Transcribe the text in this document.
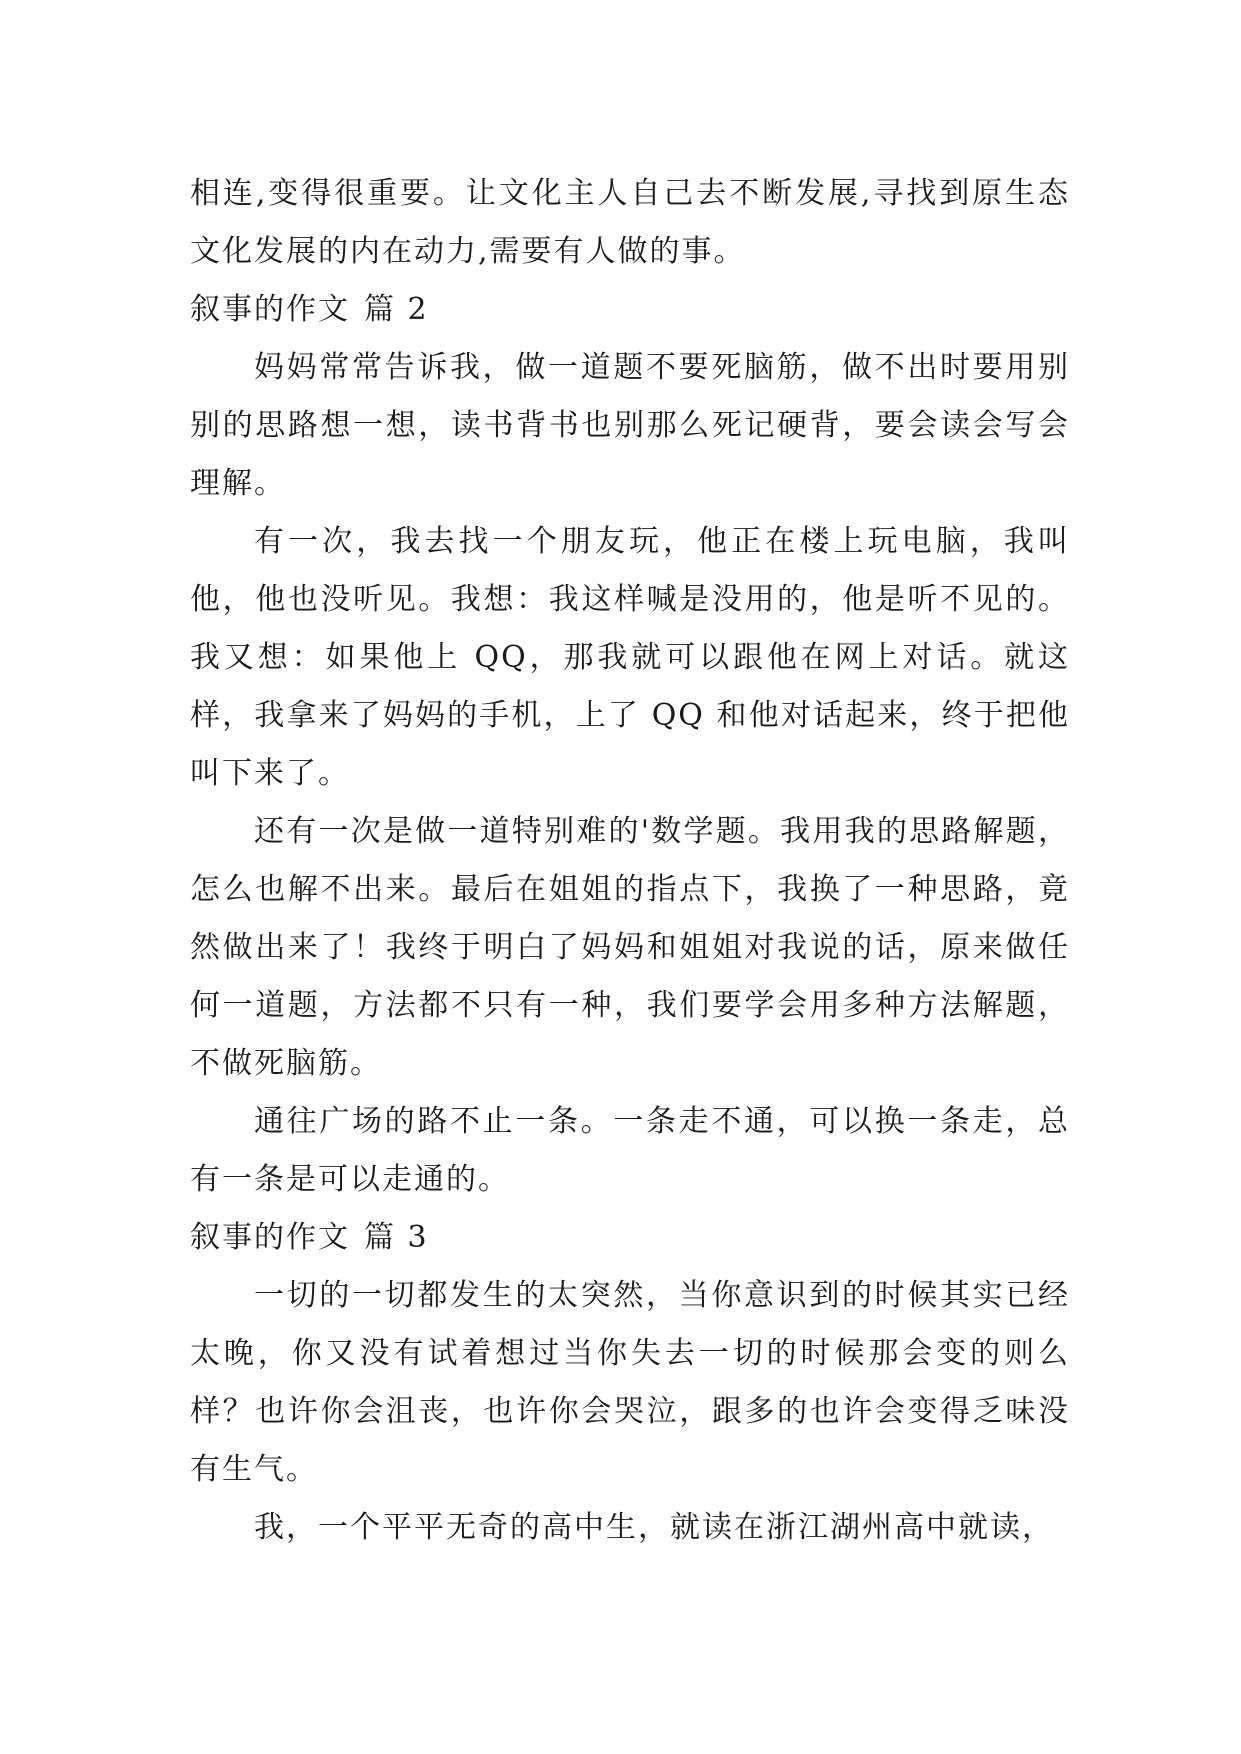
相连,变得很重要。让文化主人自己去不断发展,寻找到原生态文化发展的内在动力,需要有人做的事。

叙事的作文 篇 2

妈妈常常告诉我，做一道题不要死脑筋，做不出时要用别别的思路想一想，读书背书也别那么死记硬背，要会读会写会理解。

有一次，我去找一个朋友玩，他正在楼上玩电脑，我叫他，他也没听见。我想：我这样喊是没用的，他是听不见的。我又想：如果他上 QQ，那我就可以跟他在网上对话。就这样，我拿来了妈妈的手机，上了 QQ 和他对话起来，终于把他叫下来了。

还有一次是做一道特别难的'数学题。我用我的思路解题，怎么也解不出来。最后在姐姐的指点下，我换了一种思路，竟然做出来了！我终于明白了妈妈和姐姐对我说的话，原来做任何一道题，方法都不只有一种，我们要学会用多种方法解题，不做死脑筋。

通往广场的路不止一条。一条走不通，可以换一条走，总有一条是可以走通的。

叙事的作文 篇 3

一切的一切都发生的太突然，当你意识到的时候其实已经太晚，你又没有试着想过当你失去一切的时候那会变的则么样？也许你会沮丧，也许你会哭泣，跟多的也许会变得乏味没有生气。

我，一个平平无奇的高中生，就读在浙江湖州高中就读，
